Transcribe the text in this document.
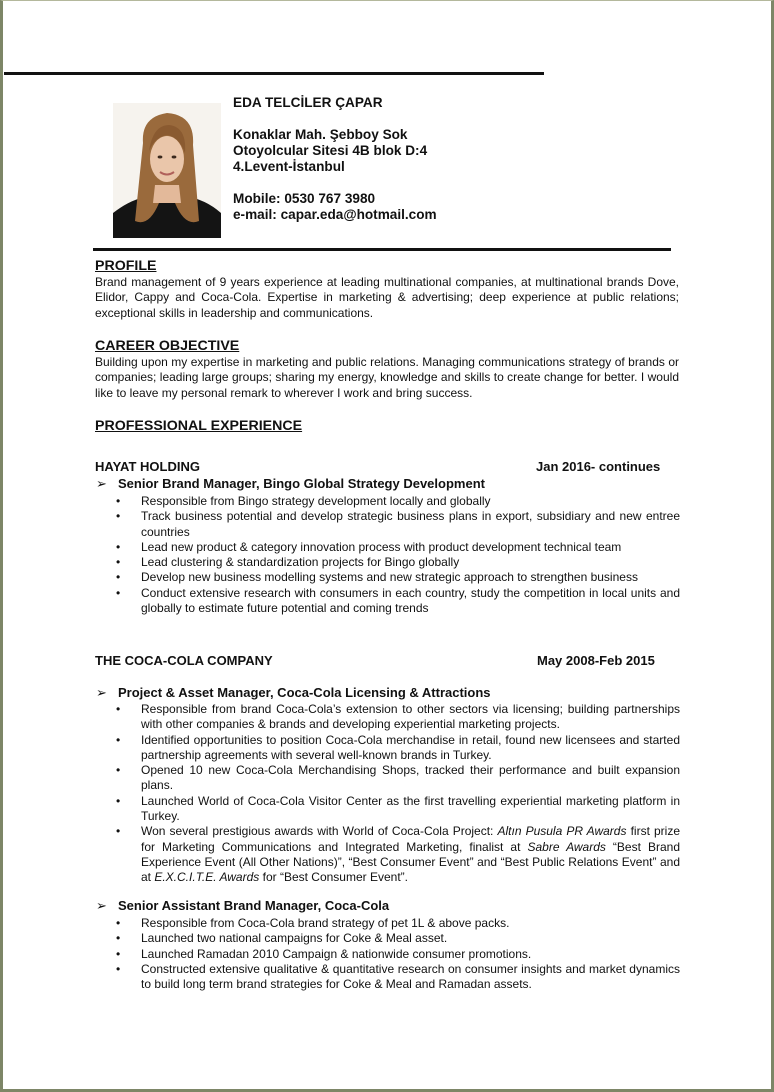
EDA TELCİLER ÇAPAR
Konaklar Mah. Şebboy Sok
Otoyolcular Sitesi 4B blok D:4
4.Levent-İstanbul
Mobile: 0530 767 3980
e-mail: capar.eda@hotmail.com
PROFILE
Brand management of 9 years experience at leading multinational companies, at multinational brands Dove, Elidor, Cappy and Coca-Cola. Expertise in marketing & advertising; deep experience at public relations; exceptional skills in leadership and communications.
CAREER OBJECTIVE
Building upon my expertise in marketing and public relations. Managing communications strategy of brands or companies; leading large groups; sharing my energy, knowledge and skills to create change for better. I would like to leave my personal remark to wherever I work and bring success.
PROFESSIONAL EXPERIENCE
HAYAT HOLDING	Jan 2016- continues
➢ Senior Brand Manager, Bingo Global Strategy Development
• Responsible from Bingo strategy development locally and globally
• Track business potential and develop strategic business plans in export, subsidiary and new entree countries
• Lead new product & category innovation process with product development technical team
• Lead clustering & standardization projects for Bingo globally
• Develop new business modelling systems and new strategic approach to strengthen business
• Conduct extensive research with consumers in each country, study the competition in local units and globally to estimate future potential and coming trends
THE COCA-COLA COMPANY	May 2008-Feb 2015
➢ Project & Asset Manager, Coca-Cola Licensing & Attractions
• Responsible from brand Coca-Cola’s extension to other sectors via licensing; building partnerships with other companies & brands and developing experiential marketing projects.
• Identified opportunities to position Coca-Cola merchandise in retail, found new licensees and started partnership agreements with several well-known brands in Turkey.
• Opened 10 new Coca-Cola Merchandising Shops, tracked their performance and built expansion plans.
• Launched World of Coca-Cola Visitor Center as the first travelling experiential marketing platform in Turkey.
• Won several prestigious awards with World of Coca-Cola Project: Altın Pusula PR Awards first prize for Marketing Communications and Integrated Marketing, finalist at Sabre Awards “Best Brand Experience Event (All Other Nations)”, “Best Consumer Event” and “Best Public Relations Event” and at E.X.C.I.T.E. Awards for “Best Consumer Event”.
➢ Senior Assistant Brand Manager, Coca-Cola
• Responsible from Coca-Cola brand strategy of pet 1L & above packs.
• Launched two national campaigns for Coke & Meal asset.
• Launched Ramadan 2010 Campaign & nationwide consumer promotions.
• Constructed extensive qualitative & quantitative research on consumer insights and market dynamics to build long term brand strategies for Coke & Meal and Ramadan assets.
